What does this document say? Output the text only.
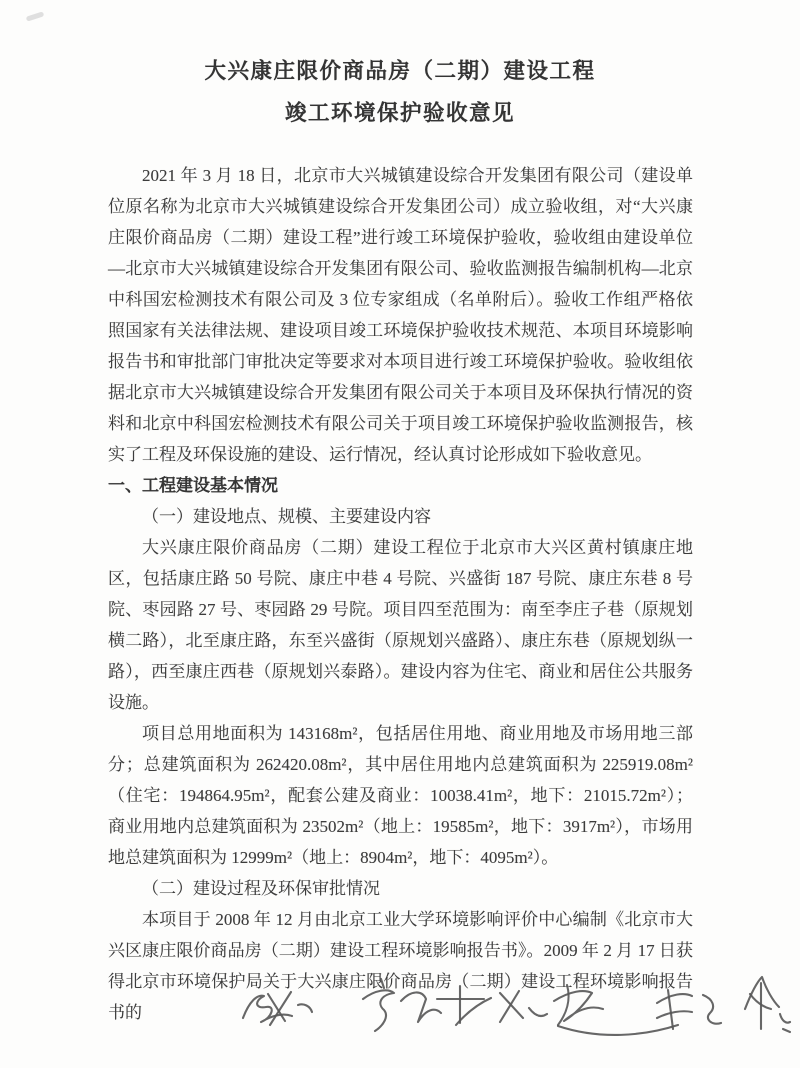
大兴康庄限价商品房（二期）建设工程
竣工环境保护验收意见

2021 年 3 月 18 日，北京市大兴城镇建设综合开发集团有限公司（建设单位原名称为北京市大兴城镇建设综合开发集团公司）成立验收组，对“大兴康庄限价商品房（二期）建设工程”进行竣工环境保护验收，验收组由建设单位—北京市大兴城镇建设综合开发集团有限公司、验收监测报告编制机构—北京中科国宏检测技术有限公司及 3 位专家组成（名单附后）。验收工作组严格依照国家有关法律法规、建设项目竣工环境保护验收技术规范、本项目环境影响报告书和审批部门审批决定等要求对本项目进行竣工环境保护验收。验收组依据北京市大兴城镇建设综合开发集团有限公司关于本项目及环保执行情况的资料和北京中科国宏检测技术有限公司关于项目竣工环境保护验收监测报告，核实了工程及环保设施的建设、运行情况，经认真讨论形成如下验收意见。

一、工程建设基本情况

（一）建设地点、规模、主要建设内容

大兴康庄限价商品房（二期）建设工程位于北京市大兴区黄村镇康庄地区，包括康庄路 50 号院、康庄中巷 4 号院、兴盛街 187 号院、康庄东巷 8 号院、枣园路 27 号、枣园路 29 号院。项目四至范围为：南至李庄子巷（原规划横二路），北至康庄路，东至兴盛街（原规划兴盛路）、康庄东巷（原规划纵一路），西至康庄西巷（原规划兴泰路）。建设内容为住宅、商业和居住公共服务设施。

项目总用地面积为 143168m²，包括居住用地、商业用地及市场用地三部分；总建筑面积为 262420.08m²，其中居住用地内总建筑面积为 225919.08m²（住宅：194864.95m²，配套公建及商业：10038.41m²，地下：21015.72m²）；商业用地内总建筑面积为 23502m²（地上：19585m²，地下：3917m²），市场用地总建筑面积为 12999m²（地上：8904m²，地下：4095m²）。

（二）建设过程及环保审批情况

本项目于 2008 年 12 月由北京工业大学环境影响评价中心编制《北京市大兴区康庄限价商品房（二期）建设工程环境影响报告书》。2009 年 2 月 17 日获得北京市环境保护局关于大兴康庄限价商品房（二期）建设工程环境影响报告书的
